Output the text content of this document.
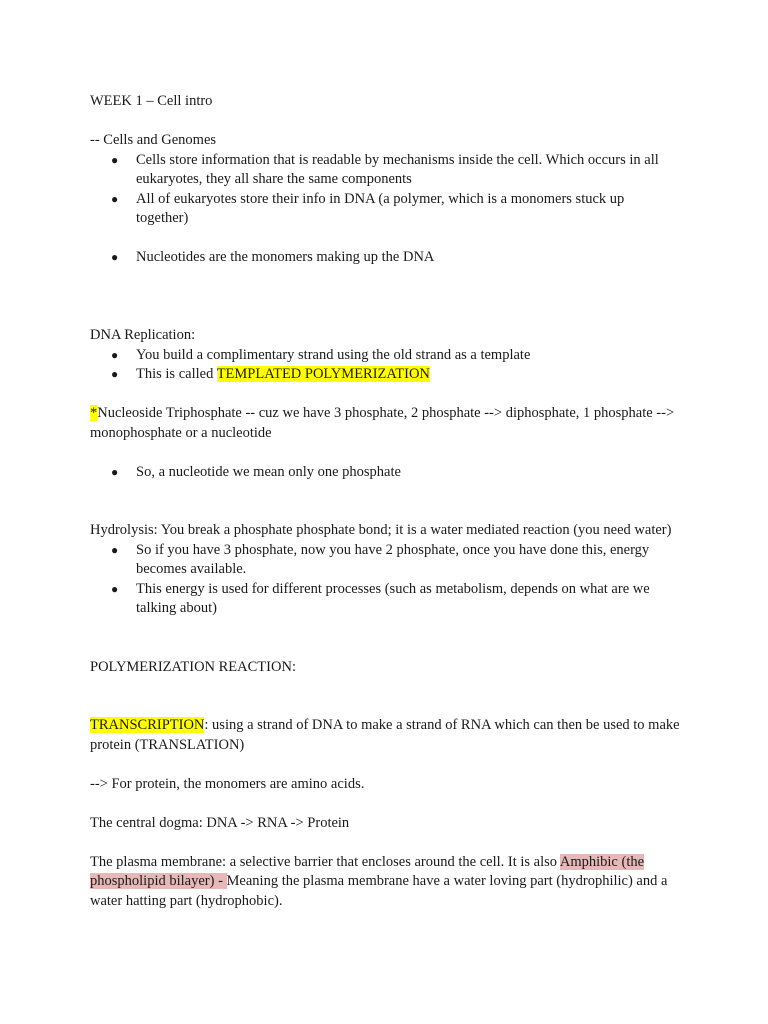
WEEK 1 – Cell intro

-- Cells and Genomes

● Cells store information that is readable by mechanisms inside the cell. Which occurs in all eukaryotes, they all share the same components
● All of eukaryotes store their info in DNA (a polymer, which is a monomers stuck up together)
● Nucleotides are the monomers making up the DNA

DNA Replication:

● You build a complimentary strand using the old strand as a template
● This is called TEMPLATED POLYMERIZATION

*Nucleoside Triphosphate -- cuz we have 3 phosphate, 2 phosphate --> diphosphate, 1 phosphate --> monophosphate or a nucleotide

● So, a nucleotide we mean only one phosphate

Hydrolysis: You break a phosphate phosphate bond; it is a water mediated reaction (you need water)

● So if you have 3 phosphate, now you have 2 phosphate, once you have done this, energy becomes available.
● This energy is used for different processes (such as metabolism, depends on what are we talking about)

POLYMERIZATION REACTION:

TRANSCRIPTION: using a strand of DNA to make a strand of RNA which can then be used to make protein (TRANSLATION)

--> For protein, the monomers are amino acids.

The central dogma: DNA -> RNA -> Protein

The plasma membrane: a selective barrier that encloses around the cell. It is also Amphibic (the phospholipid bilayer) - Meaning the plasma membrane have a water loving part (hydrophilic) and a water hatting part (hydrophobic).
